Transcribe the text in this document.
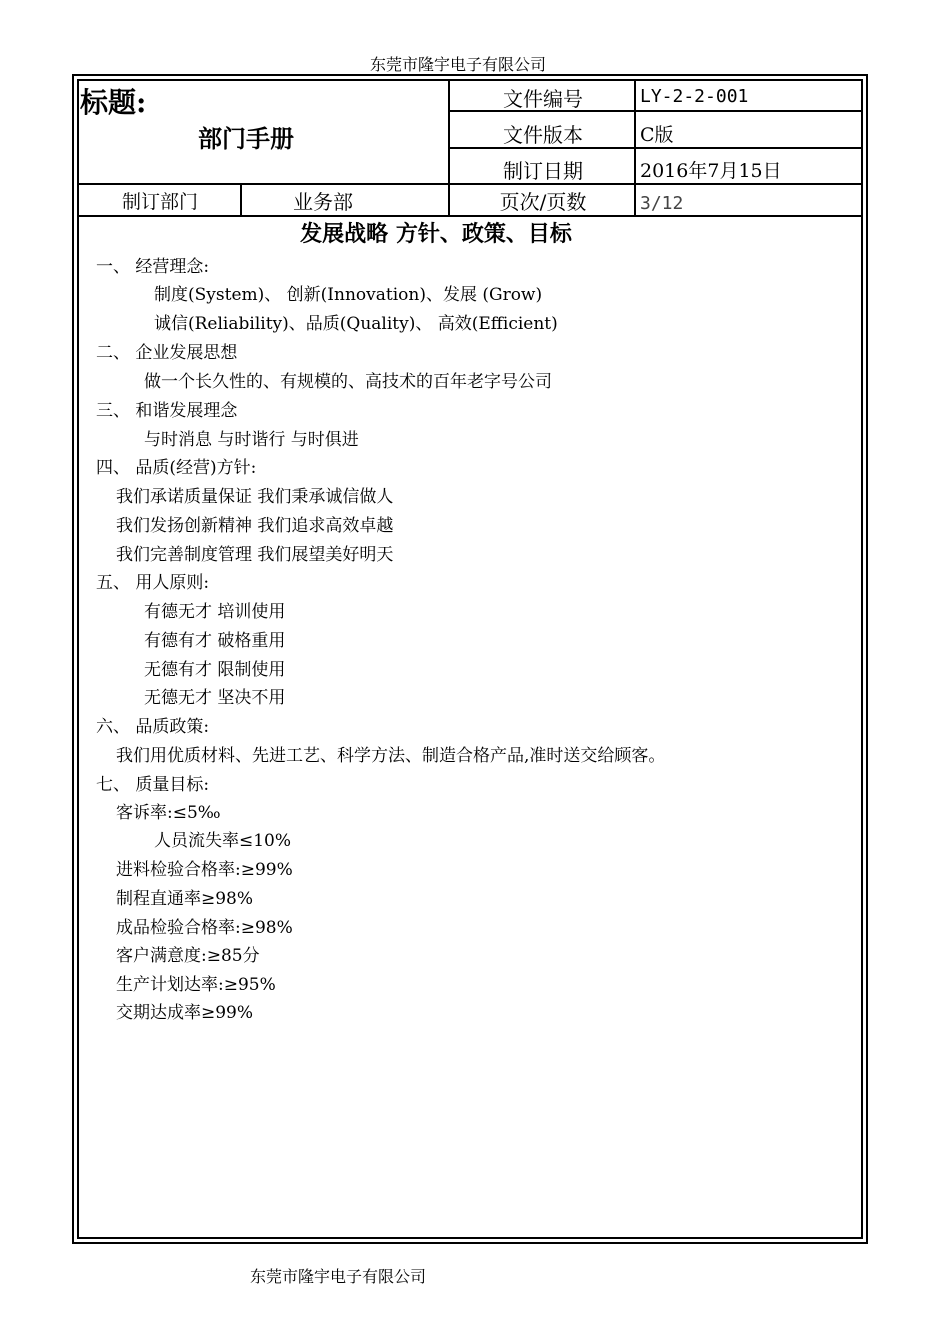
东莞市隆宇电子有限公司
标题:
部门手册
文件编号	LY-2-2-001
文件版本	C版
制订日期	2016年7月15日
制订部门	业务部	页次/页数	3/12
发展战略 方针、政策、目标
一、 经营理念:
制度(System)、 创新(Innovation)、发展 (Grow)
诚信(Reliability)、品质(Quality)、 高效(Efficient)
二、 企业发展思想
做一个长久性的、有规模的、高技术的百年老字号公司
三、 和谐发展理念
与时消息 与时谐行 与时俱进
四、 品质(经营)方针:
我们承诺质量保证 我们秉承诚信做人
我们发扬创新精神 我们追求高效卓越
我们完善制度管理 我们展望美好明天
五、 用人原则:
有德无才 培训使用
有德有才 破格重用
无德有才 限制使用
无德无才 坚决不用
六、 品质政策:
我们用优质材料、先进工艺、科学方法、制造合格产品,准时送交给顾客。
七、 质量目标:
客诉率:≤5‰
人员流失率≤10%
进料检验合格率:≥99%
制程直通率≥98%
成品检验合格率:≥98%
客户满意度:≥85分
生产计划达率:≥95%
交期达成率≥99%
东莞市隆宇电子有限公司
